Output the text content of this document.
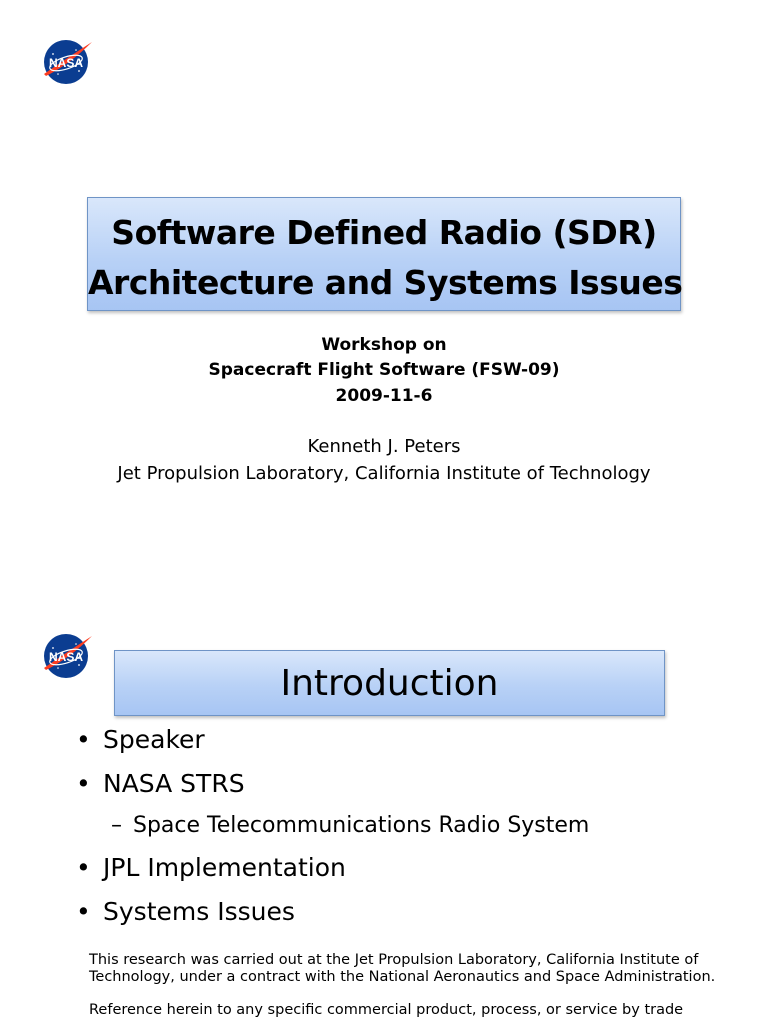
NASA
Software Defined Radio (SDR)
Architecture and Systems Issues
Workshop on
Spacecraft Flight Software (FSW-09)
2009-11-6
Kenneth J. Peters
Jet Propulsion Laboratory, California Institute of Technology
NASA
Introduction
• Speaker
• NASA STRS
– Space Telecommunications Radio System
• JPL Implementation
• Systems Issues
This research was carried out at the Jet Propulsion Laboratory, California Institute of Technology, under a contract with the National Aeronautics and Space Administration.
Reference herein to any specific commercial product, process, or service by trade
